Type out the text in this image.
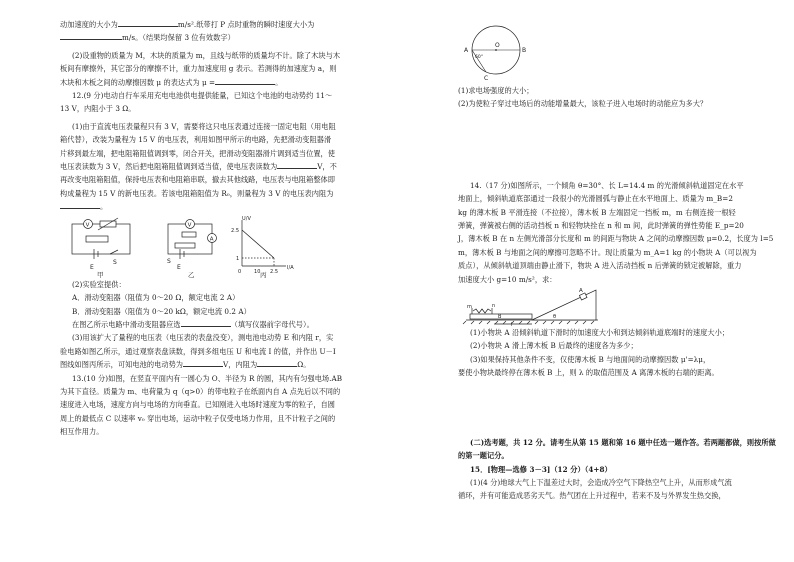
动加速度的大小为	m/s².纸带打 P 点时重物的瞬时速度大小为

m/s。（结果均保留 3 位有效数字）

(2)设重物的质量为 M，木块的质量为 m，且线与纸带的质量均不计。除了木块与木

板间有摩擦外，其它部分的摩擦不计，重力加速度用 g 表示。若测得的加速度为 a，则

木块和木板之间的动摩擦因数 μ 的表达式为 μ =	。

12.(9 分)电动自行车采用充电电池供电提供能量，已知这个电池的电动势约 11～

13 V，内阻小于 3 Ω。

(1)由于直流电压表量程只有 3 V，需要将这只电压表通过连接一固定电阻（用电阻

箱代替），改装为量程为 15 V 的电压表，利用如图甲所示的电路，先把滑动变阻器滑

片移到最左端，把电阻箱阻值调到零，闭合开关，把滑动变阻器滑片调到适当位置，使

电压表读数为 3 V，然后把电阻箱阻值调到适当值，使电压表读数为	V，不

再改变电阻箱阻值，保持电压表和电阻箱串联，撤去其他线路，电压表与电阻箱整体即

构成量程为 15 V 的新电压表。若该电阻箱阻值为 R₀，则量程为 3 V 的电压表内阻为

。

V
E
S
甲
V
A
E
S
乙
U/V
I/A
2.5
1
0	10 2.5
丙

(2)实验室提供：

A．滑动变阻器（阻值为 0～20 Ω，额定电流 2 A）

B．滑动变阻器（阻值为 0～20 kΩ，额定电流 0.2 A）

在图乙所示电路中滑动变阻器应选	（填写仪器前字母代号）。

(3)用该扩大了量程的电压表（电压表的表盘没变），测电池电动势 E 和内阻 r，实

验电路如图乙所示，通过观察表盘读数，得到多组电压 U 和电流 I 的值，并作出 U－I

图线如图丙所示，可知电池的电动势为	V，内阻为	Ω。

13.(10 分)如图，在竖直平面内有一圆心为 O、半径为 R 的圆，其内有匀强电场.AB

为其下直径。质量为 m、电荷量为 q（q>0）的带电粒子在纸面内自 A 点先后以不同的

速度进入电场，速度方向与电场的方向垂直。已知刚进入电场时速度为零的粒子，自圆

周上的最低点 C 以速率 v₀ 穿出电场，运动中粒子仅受电场力作用，且不计粒子之间的

相互作用力。

A	B
O
C
60°

(1)求电场强度的大小；

(2)为使粒子穿过电场后的动能增量最大，该粒子进入电场时的动能应为多大？

14.（17 分)如图所示，一个倾角 θ=30°、长 L=14.4 m 的光滑倾斜轨道固定在水平

地面上，倾斜轨道底部通过一段很小的光滑圆弧与静止在水平地面上、质量为 m_B=2

kg 的薄木板 B 平滑连接（不拉接），薄木板 B 左端固定一挡板 m，m 右侧连接一根轻

弹簧，弹簧被右侧的活动挡板 n 和轻物块拴在 n 和 m 间，此时弹簧的弹性势能 E_p=20

J，薄木板 B 在 n 左侧光滑部分长度和 m 的间距与物块 A 之间的动摩擦因数 μ=0.2，长度为 l=5

m，薄木板 B 与地面之间的摩擦可忽略不计。现让质量为 m_A=1 kg 的小物块 A（可以视为

质点），从倾斜轨道顶端由静止滑下，物块 A 进入活动挡板 n 后弹簧的锁定被解除，重力

加速度大小 g=10 m/s²，求：

A
B
m	n
l
θ

(1)小物块 A 沿倾斜轨道下滑时的加速度大小和到达倾斜轨道底端时的速度大小；

(2)小物块 A 滑上薄木板 B 后最终的速度各为多少；

(3)如果保持其他条件不变，仅使薄木板 B 与地面间的动摩擦因数 μ'=λμ，

要使小物块最终停在薄木板 B 上，则 λ 的取值范围及 A 离薄木板的右端的距离。

(二)选考题，共 12 分。请考生从第 15 题和第 16 题中任选一题作答。若两题都做，则按所做的第一题记分。

15．[物理—选修 3－3]（12 分）（4+8）

(1)(4 分)地球大气上下温差过大时，会造成冷空气下降热空气上升，从而形成气流

循环，并有可能造成恶劣天气。热气团在上升过程中，若来不及与外界发生热交换，
